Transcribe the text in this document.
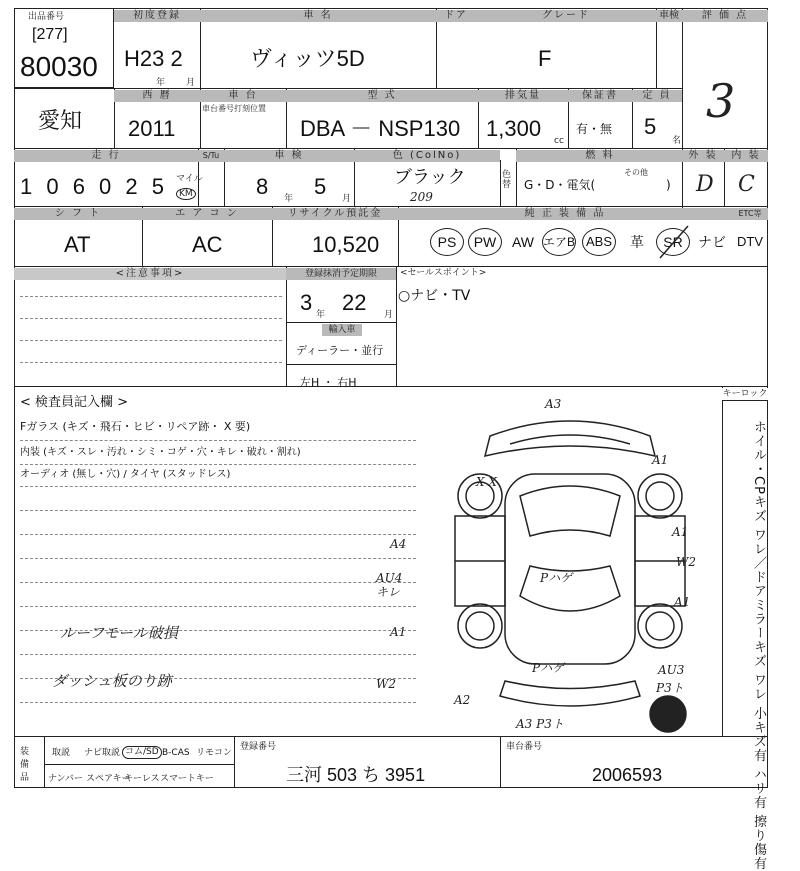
出品番号
[277]
80030
初度登録
H23 2
年 月
車 名
ヴィッツ5D
ドア	グレード
F
車検	評 価 点
3
愛知
西 暦
2011
車 台
車台番号打刻位置
型 式
DBA － NSP130
排気量
1,300 cc
保証書
有・無
定 員
5
名
走 行
1 0 6 0 2 5 マイル
KM
S/Tu	車 検
8 年 5 月
色 (ColNo)
ブラック
209
色替
燃 料
G・D・電気(
その他
)
外 装
D
内 装
C
シ フ ト
AT
エ ア コ ン
AC
リサイクル預託金
10,520
純 正 装 備 品	ETC等
PS	PW	AW エアB ABS	革	SR	ナビ DTV
<注意事項>	登録抹消予定期限
3 年 22 月
輸入車
ディーラー・並行
左H ・ 右H
<セールスポイント>
○ナビ・TV
< 検査員記入欄 >
Fガラス (キズ・飛石・ヒビ・リペア跡・ X 要)
内装 (キズ・スレ・汚れ・シミ・コゲ・穴・キレ・破れ・割れ)
オーディオ (無し・穴) / タイヤ (スタッドレス)
ルーフモール破損
ダッシュ板のり跡
A3
A1
X X
A4
AU4
キレ
A1
W2
A1
A1
W2
Pハゲ
Pハゲ	AU3
P3ト
A2
A3 P3ト
キーロック
ホイル・CPキズ ワレ／ドアミラーキズ ワレ 小キズ有 ハリ有 擦り傷有
装備品
取説 ナビ取説 コム/SD B-CAS リモコン
ナンバー スペアキー
キーレス スマートキー
登録番号
三河 503 ち 3951
車台番号
2006593
